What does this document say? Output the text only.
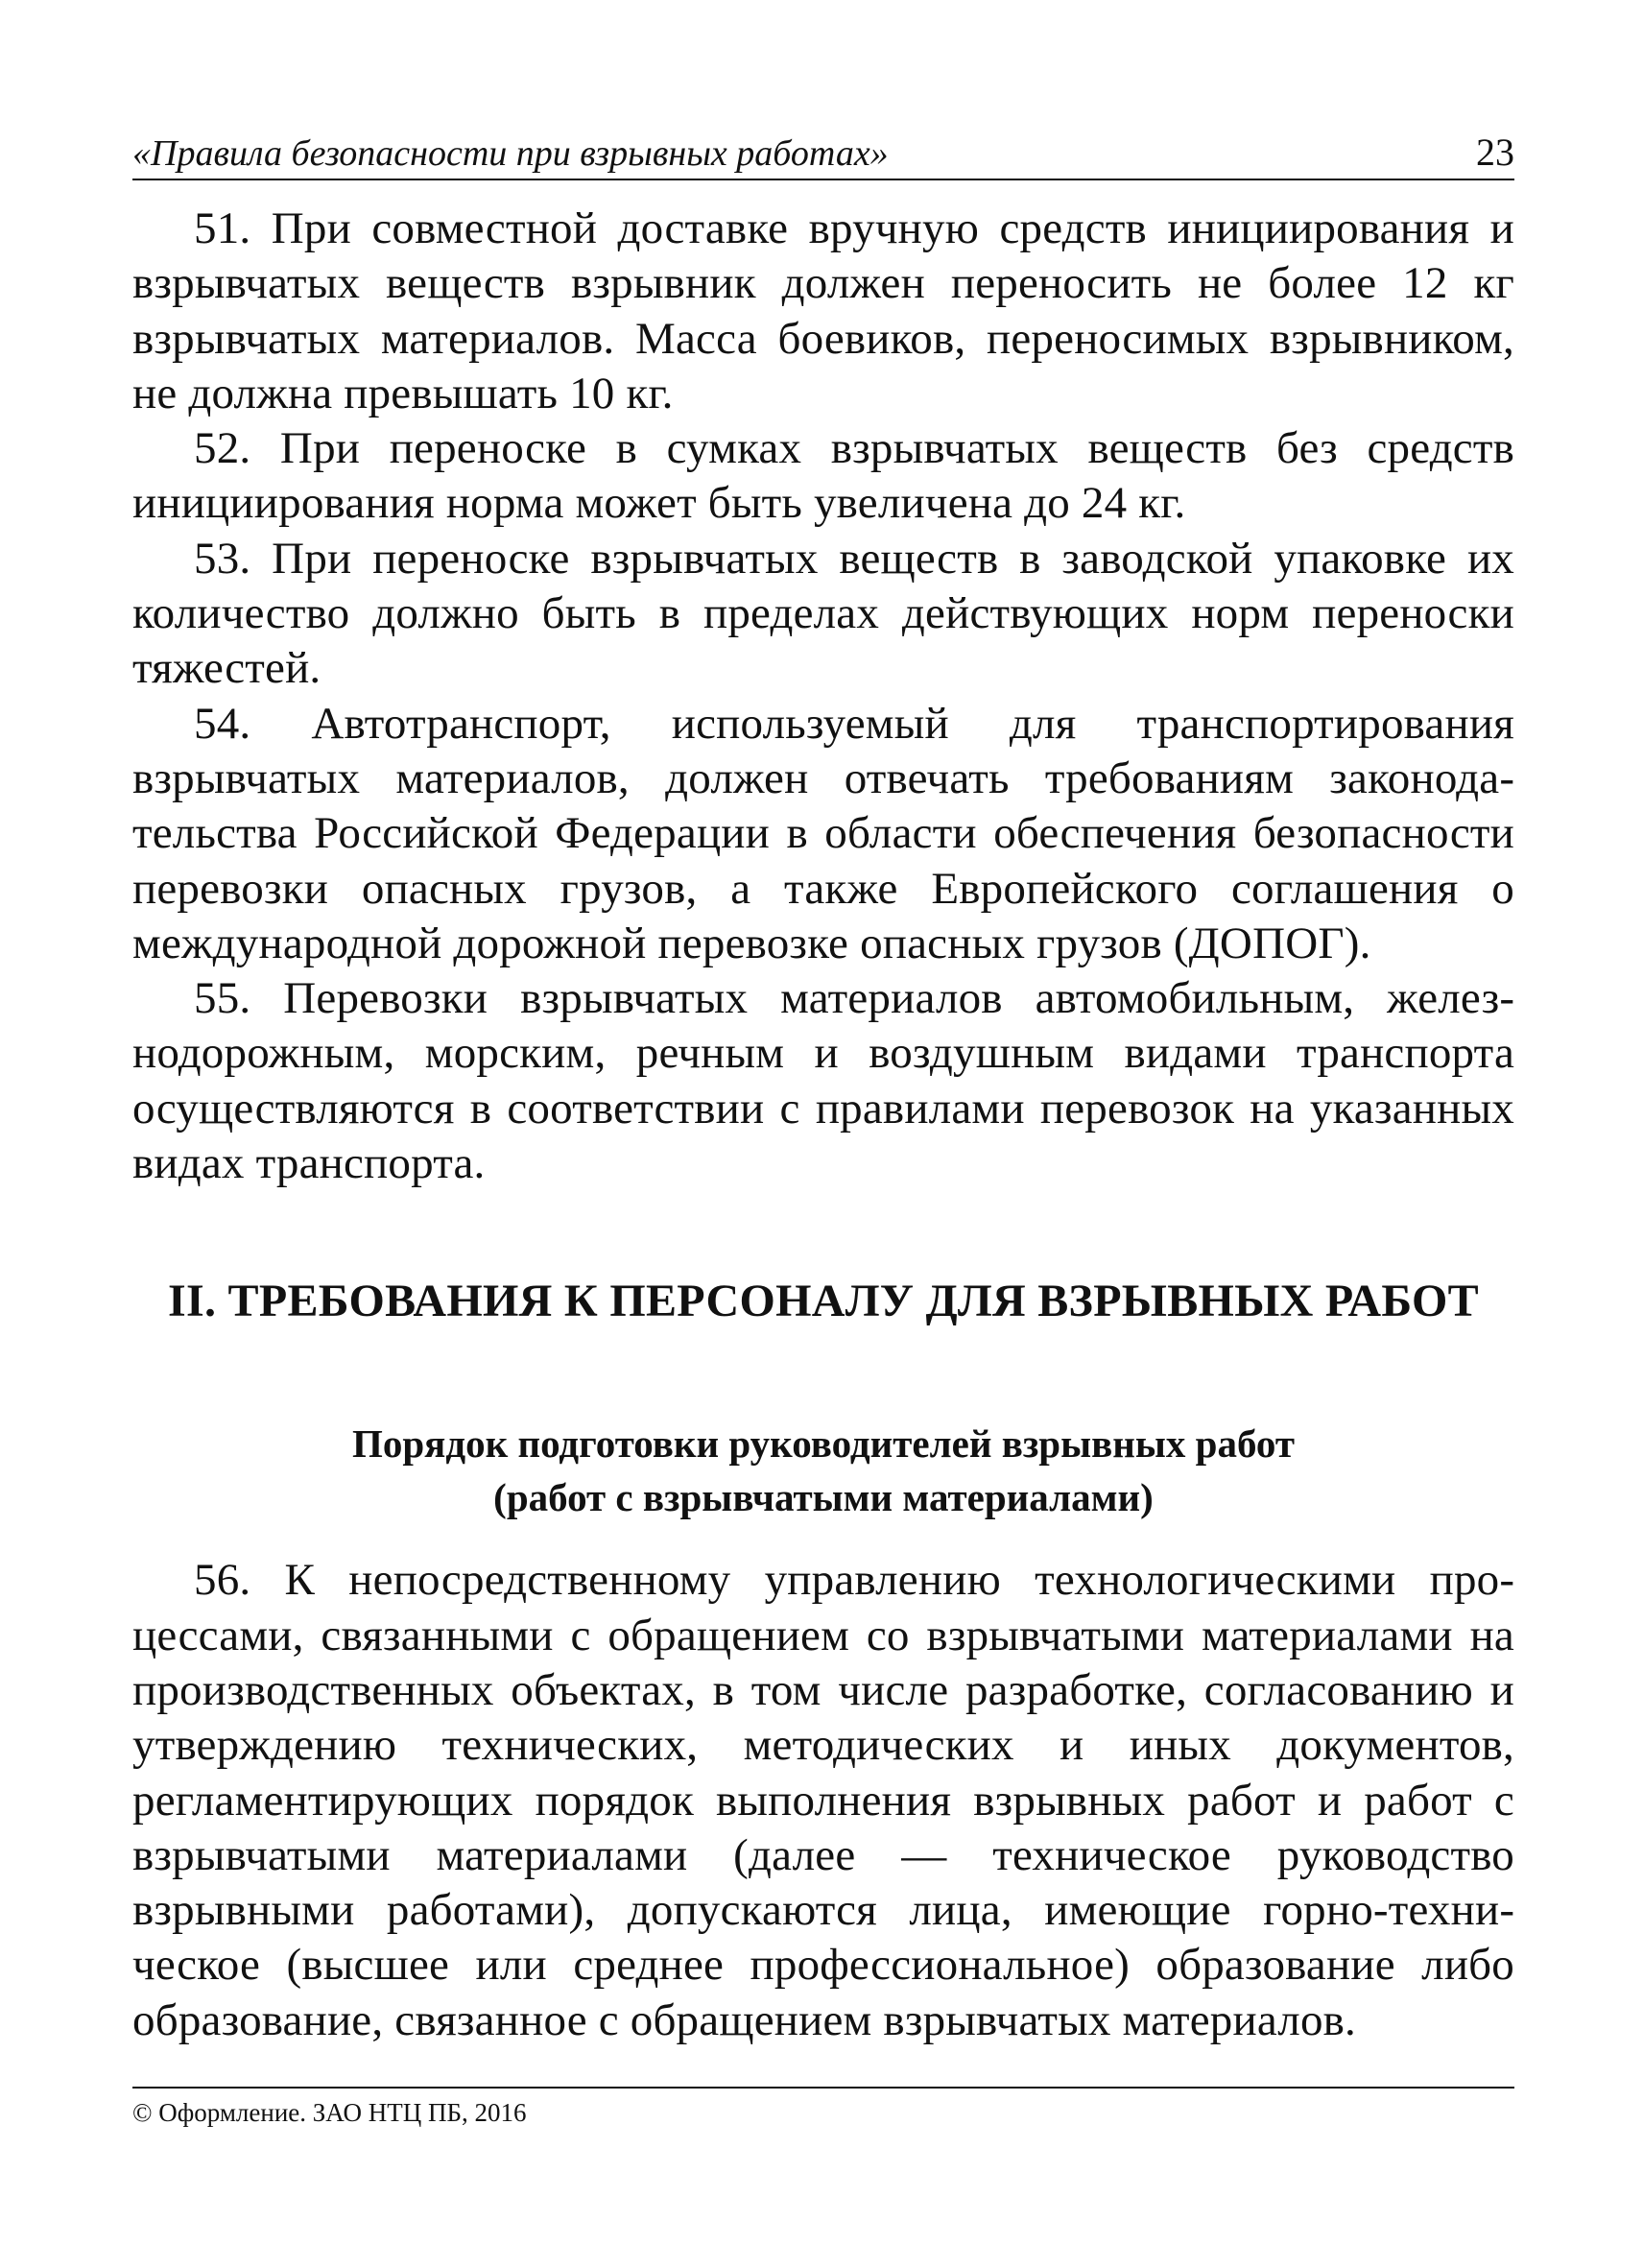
«Правила безопасности при взрывных работах»	23

51. При совместной доставке вручную средств инициирования и взрывчатых веществ взрывник должен переносить не более 12 кг взрывчатых материалов. Масса боевиков, переносимых взрывником, не должна превышать 10 кг.

52. При переноске в сумках взрывчатых веществ без средств инициирования норма может быть увеличена до 24 кг.

53. При переноске взрывчатых веществ в заводской упаковке их количество должно быть в пределах действующих норм переноски тяжестей.

54. Автотранспорт, используемый для транспортирования взрывчатых материалов, должен отвечать требованиям законодательства Российской Федерации в области обеспечения безопасности перевозки опасных грузов, а также Европейского соглашения о международной дорожной перевозке опасных грузов (ДОПОГ).

55. Перевозки взрывчатых материалов автомобильным, железнодорожным, морским, речным и воздушным видами транспорта осуществляются в соответствии с правилами перевозок на указанных видах транспорта.

II. ТРЕБОВАНИЯ К ПЕРСОНАЛУ ДЛЯ ВЗРЫВНЫХ РАБОТ
Порядок подготовки руководителей взрывных работ
(работ с взрывчатыми материалами)

56. К непосредственному управлению технологическими процессами, связанными с обращением со взрывчатыми материалами на производственных объектах, в том числе разработке, согласованию и утверждению технических, методических и иных документов, регламентирующих порядок выполнения взрывных работ и работ с взрывчатыми материалами (далее — техническое руководство взрывными работами), допускаются лица, имеющие горно-техническое (высшее или среднее профессиональное) образование либо образование, связанное с обращением взрывчатых материалов.

© Оформление. ЗАО НТЦ ПБ, 2016
